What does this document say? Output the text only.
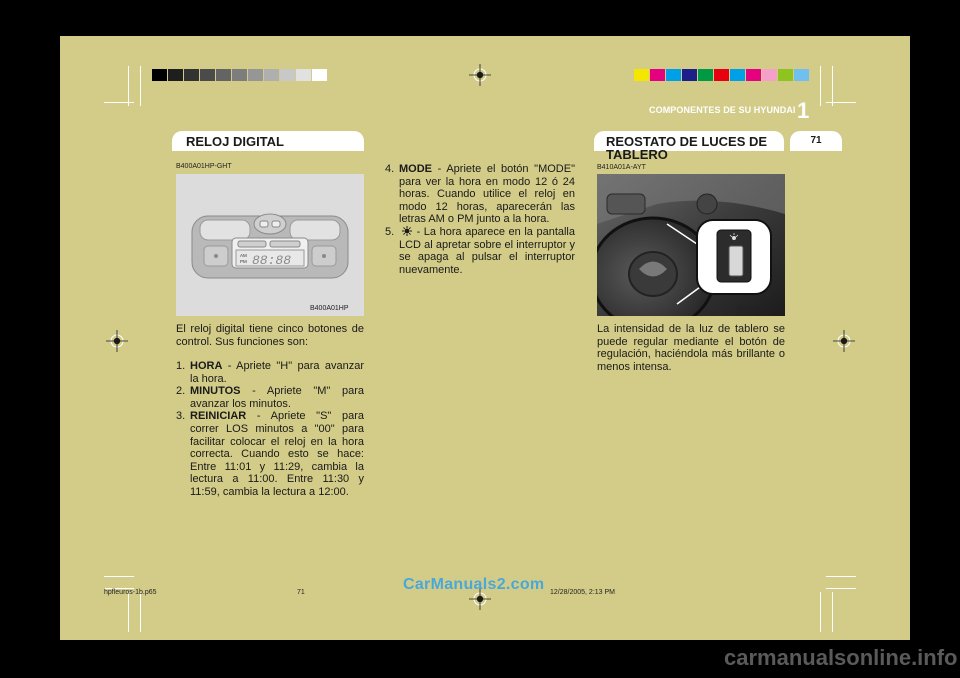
COMPONENTES DE SU HYUNDAI 1
RELOJ DIGITAL	REOSTATO DE LUCES DE TABLERO
71
B400A01HP-GHT
AM
PM 88:88
B400A01HP
El reloj digital tiene cinco botones de control. Sus funciones son:
1. HORA - Apriete "H" para avanzar la hora.
2. MINUTOS - Apriete "M" para avanzar los minutos.
3. REINICIAR - Apriete "S" para correr LOS minutos a "00" para facilitar colocar el reloj en la hora correcta. Cuando esto se hace: Entre 11:01 y 11:29, cambia la lectura a 11:00. Entre 11:30 y 11:59, cambia la lectura a 12:00.
4. MODE - Apriete el botón "MODE" para ver la hora en modo 12 ó 24 horas. Cuando utilice el reloj en modo 12 horas, aparecerán las letras AM o PM junto a la hora.
5. - La hora aparece en la pantalla LCD al apretar sobre el interruptor y se apaga al pulsar el interruptor nuevamente.
B410A01A-AYT
B410A01HP
La intensidad de la luz de tablero se puede regular mediante el botón de regulación, haciéndola más brillante o menos intensa.
hpfleuros-1b.p65	71	12/28/2005, 2:13 PM
CarManuals2.com
carmanualsonline.info
